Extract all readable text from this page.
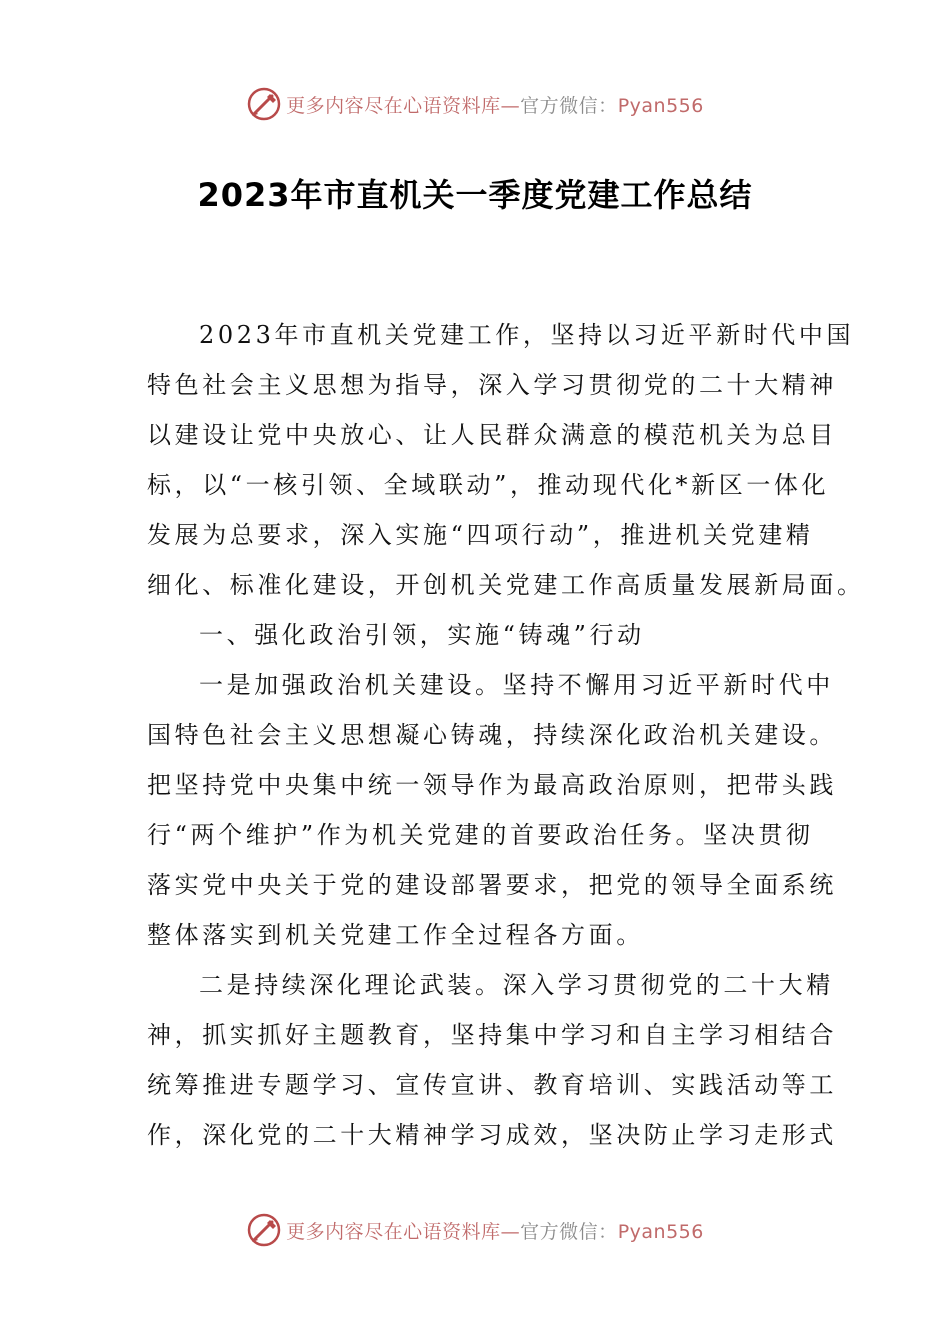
更多内容尽在心语资料库—官方微信：Pyan556
2023年市直机关一季度党建工作总结
2023年市直机关党建工作，坚持以习近平新时代中国
特色社会主义思想为指导，深入学习贯彻党的二十大精神
以建设让党中央放心、让人民群众满意的模范机关为总目
标，以“一核引领、全域联动”，推动现代化*新区一体化
发展为总要求，深入实施“四项行动”，推进机关党建精
细化、标准化建设，开创机关党建工作高质量发展新局面。
一、强化政治引领，实施“铸魂”行动
一是加强政治机关建设。坚持不懈用习近平新时代中
国特色社会主义思想凝心铸魂，持续深化政治机关建设。
把坚持党中央集中统一领导作为最高政治原则，把带头践
行“两个维护”作为机关党建的首要政治任务。坚决贯彻
落实党中央关于党的建设部署要求，把党的领导全面系统
整体落实到机关党建工作全过程各方面。
二是持续深化理论武装。深入学习贯彻党的二十大精
神，抓实抓好主题教育，坚持集中学习和自主学习相结合
统筹推进专题学习、宣传宣讲、教育培训、实践活动等工
作，深化党的二十大精神学习成效，坚决防止学习走形式
更多内容尽在心语资料库—官方微信：Pyan556
